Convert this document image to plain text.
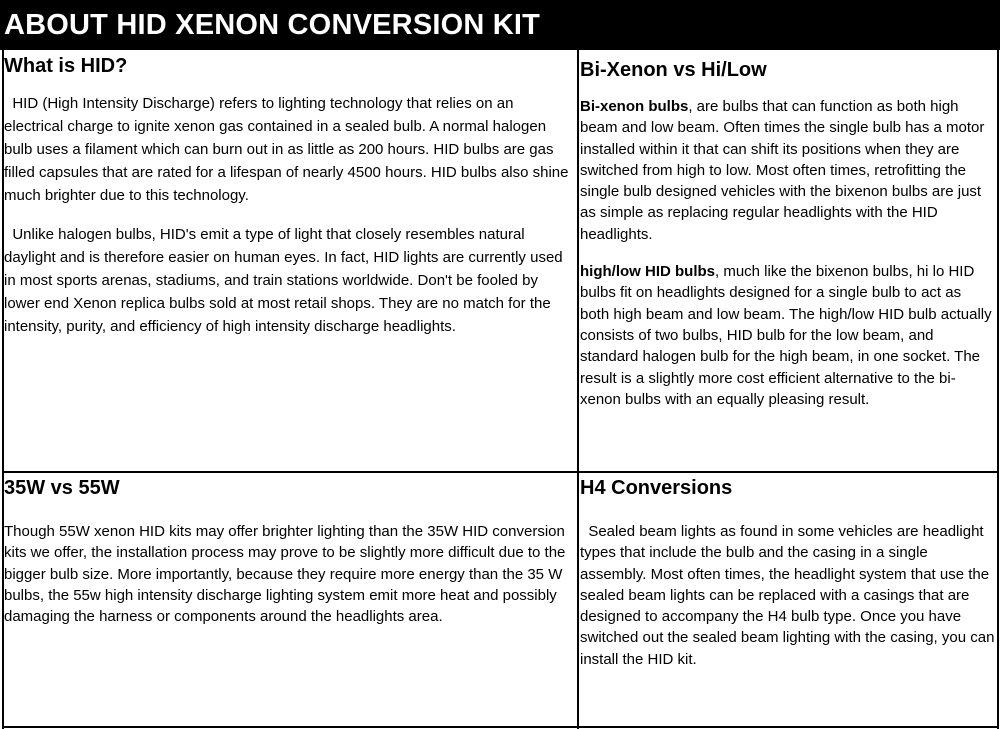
ABOUT HID XENON CONVERSION KIT
What is HID?

HID (High Intensity Discharge) refers to lighting technology that relies on an electrical charge to ignite xenon gas contained in a sealed bulb. A normal halogen bulb uses a filament which can burn out in as little as 200 hours. HID bulbs are gas filled capsules that are rated for a lifespan of nearly 4500 hours. HID bulbs also shine much brighter due to this technology.

Unlike halogen bulbs, HID's emit a type of light that closely resembles natural daylight and is therefore easier on human eyes. In fact, HID lights are currently used in most sports arenas, stadiums, and train stations worldwide. Don't be fooled by lower end Xenon replica bulbs sold at most retail shops. They are no match for the intensity, purity, and efficiency of high intensity discharge headlights.

Bi-Xenon vs Hi/Low

Bi-xenon bulbs, are bulbs that can function as both high beam and low beam. Often times the single bulb has a motor installed within it that can shift its positions when they are switched from high to low. Most often times, retrofitting the single bulb designed vehicles with the bixenon bulbs are just as simple as replacing regular headlights with the HID headlights.

high/low HID bulbs, much like the bixenon bulbs, hi lo HID bulbs fit on headlights designed for a single bulb to act as both high beam and low beam. The high/low HID bulb actually consists of two bulbs, HID bulb for the low beam, and standard halogen bulb for the high beam, in one socket. The result is a slightly more cost efficient alternative to the bi-xenon bulbs with an equally pleasing result.

35W vs 55W

Though 55W xenon HID kits may offer brighter lighting than the 35W HID conversion kits we offer, the installation process may prove to be slightly more difficult due to the bigger bulb size. More importantly, because they require more energy than the 35 W bulbs, the 55w high intensity discharge lighting system emit more heat and possibly damaging the harness or components around the headlights area.

H4 Conversions

Sealed beam lights as found in some vehicles are headlight types that include the bulb and the casing in a single assembly. Most often times, the headlight system that use the sealed beam lights can be replaced with a casings that are designed to accompany the H4 bulb type. Once you have switched out the sealed beam lighting with the casing, you can install the HID kit.
